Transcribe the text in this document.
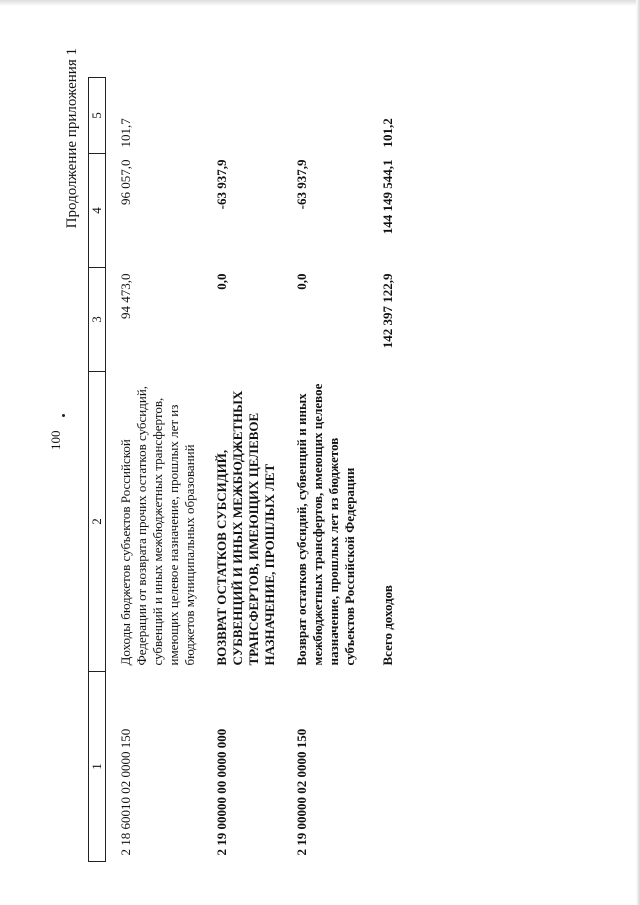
100
Продолжение приложения 1
1	2	3	4	5
2 18 60010 02 0000 150	Доходы бюджетов субъектов Российской Федерации от возврата прочих остатков субсидий, субвенций и иных межбюджетных трансфертов, имеющих целевое назначение, прошлых лет из бюджетов муниципальных образований	94 473,0	96 057,0	101,7
2 19 00000 00 0000 000	ВОЗВРАТ ОСТАТКОВ СУБСИДИЙ, СУБВЕНЦИЙ И ИНЫХ МЕЖБЮДЖЕТНЫХ ТРАНСФЕРТОВ, ИМЕЮЩИХ ЦЕЛЕВОЕ НАЗНАЧЕНИЕ, ПРОШЛЫХ ЛЕТ	0,0	-63 937,9	
2 19 00000 02 0000 150	Возврат остатков субсидий, субвенций и иных межбюджетных трансфертов, имеющих целевое назначение, прошлых лет из бюджетов субъектов Российской Федерации	0,0	-63 937,9	
	Всего доходов	142 397 122,9	144 149 544,1	101,2
